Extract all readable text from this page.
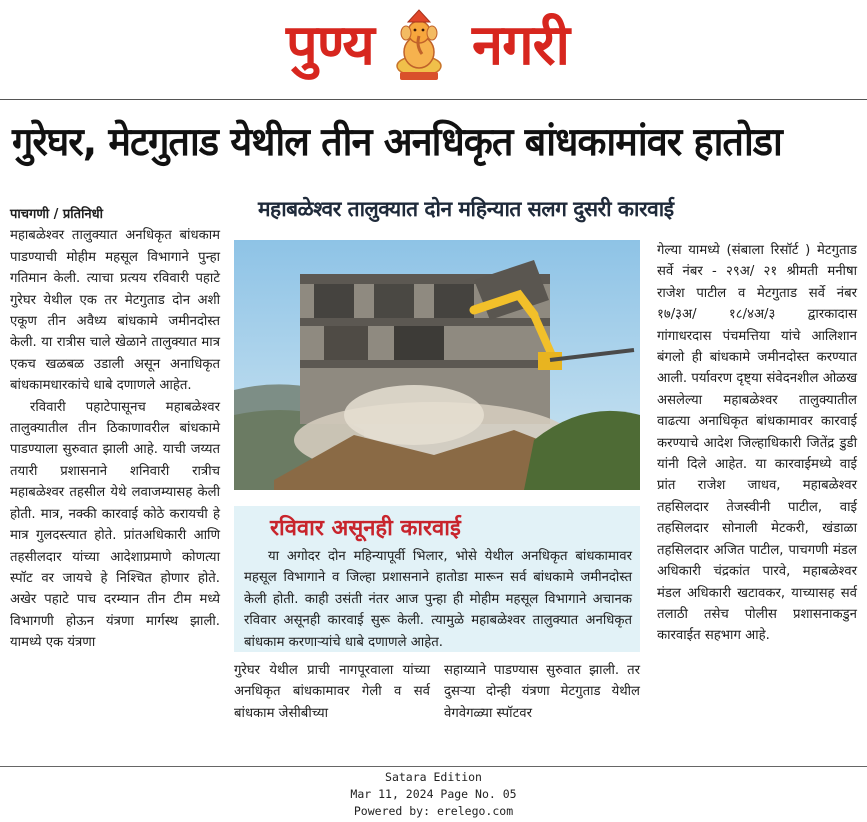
पुण्य नगरी
गुरेघर, मेटगुताड येथील तीन अनधिकृत बांधकामांवर हातोडा
महाबळेश्वर तालुक्यात दोन महिन्यात सलग दुसरी कारवाई

पाचगणी / प्रतिनिधी

महाबळेश्वर तालुक्यात अनधिकृत बांधकाम पाडण्याची मोहीम महसूल विभागाने पुन्हा गतिमान केली. त्याचा प्रत्यय रविवारी पहाटे गुरेघर येथील एक तर मेटगुताड दोन अशी एकूण तीन अवैध्य बांधकामे जमीनदोस्त केली. या रात्रीस चाले खेळाने तालुक्यात मात्र एकच खळबळ उडाली असून अनाधिकृत बांधकामधारकांचे धाबे दणाणले आहेत.

रविवारी पहाटेपासूनच महाबळेश्वर तालुक्यातील तीन ठिकाणावरील बांधकामे पाडण्याला सुरुवात झाली आहे. याची जय्यत तयारी प्रशासनाने शनिवारी रात्रीच महाबळेश्वर तहसील येथे लवाजम्यासह केली होती. मात्र, नक्की कारवाई कोठे करायची हे मात्र गुलदस्त्यात होते. प्रांतअधिकारी आणि तहसीलदार यांच्या आदेशाप्रमाणे कोणत्या स्पॉट वर जायचे हे निश्चित होणार होते. अखेर पहाटे पाच दरम्यान तीन टीम मध्ये विभागणी होऊन यंत्रणा मार्गस्थ झाली. यामध्ये एक यंत्रणा

रविवार असूनही कारवाई

या अगोदर दोन महिन्यापूर्वी भिलार, भोसे येथील अनधिकृत बांधकामावर महसूल विभागाने व जिल्हा प्रशासनाने हातोडा मारून सर्व बांधकामे जमीनदोस्त केली होती. काही उसंती नंतर आज पुन्हा ही मोहीम महसूल विभागाने अचानक रविवार असूनही कारवाई सुरू केली. त्यामुळे महाबळेश्वर तालुक्यात अनधिकृत बांधकाम करणाऱ्यांचे धाबे दणाणले आहेत.

गुरेघर येथील प्राची नागपूरवाला यांच्या अनधिकृत बांधकामावर गेली व सर्व बांधकाम जेसीबीच्या

सहाय्याने पाडण्यास सुरुवात झाली. तर दुसऱ्या दोन्ही यंत्रणा मेटगुताड येथील वेगवेगळ्या स्पॉटवर

गेल्या यामध्ये (संबाला रिसॉर्ट ) मेटगुताड सर्वे नंबर - २९अ/ २१ श्रीमती मनीषा राजेश पाटील व मेटगुताड सर्वे नंबर १७/३अ/ १८/४अ/३ द्वारकादास गांगाधरदास पंचमत्तिया यांचे आलिशान बंगलो ही बांधकामे जमीनदोस्त करण्यात आली. पर्यावरण दृष्ट्या संवेदनशील ओळख असलेल्या महाबळेश्वर तालुक्यातील वाढत्या अनाधिकृत बांधकामावर कारवाई करण्याचे आदेश जिल्हाधिकारी जितेंद्र डुडी यांनी दिले आहेत. या कारवाईमध्ये वाई प्रांत राजेश जाधव, महाबळेश्वर तहसिलदार तेजस्वीनी पाटील, वाई तहसिलदार सोनाली मेटकरी, खंडाळा तहसिलदार अजित पाटील, पाचगणी मंडल अधिकारी चंद्रकांत पारवे, महाबळेश्वर मंडल अधिकारी खटावकर, याच्यासह सर्व तलाठी तसेच पोलीस प्रशासनाकडुन कारवाईत सहभाग आहे.

Satara Edition
Mar 11, 2024 Page No. 05
Powered by: erelego.com
